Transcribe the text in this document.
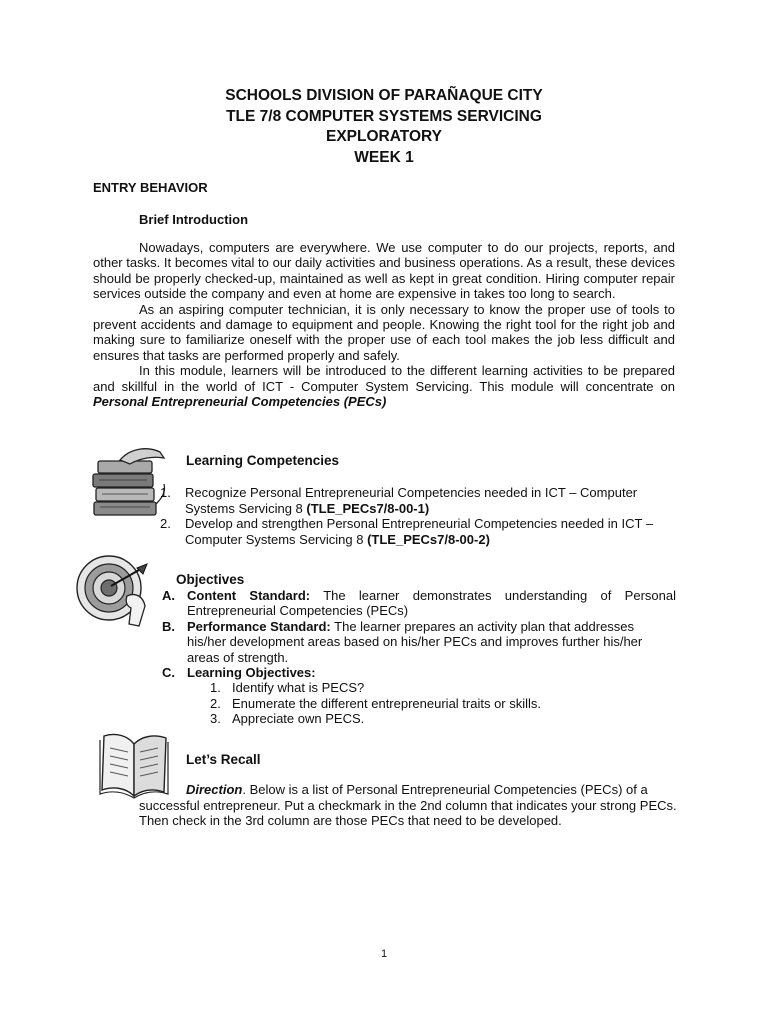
SCHOOLS DIVISION OF PARAÑAQUE CITY
TLE 7/8 COMPUTER SYSTEMS SERVICING
EXPLORATORY
WEEK 1
ENTRY BEHAVIOR
Brief Introduction

Nowadays, computers are everywhere. We use computer to do our projects, reports, and other tasks. It becomes vital to our daily activities and business operations. As a result, these devices should be properly checked-up, maintained as well as kept in great condition. Hiring computer repair services outside the company and even at home are expensive in takes too long to search.

As an aspiring computer technician, it is only necessary to know the proper use of tools to prevent accidents and damage to equipment and people. Knowing the right tool for the right job and making sure to familiarize oneself with the proper use of each tool makes the job less difficult and ensures that tasks are performed properly and safely.

In this module, learners will be introduced to the different learning activities to be prepared and skillful in the world of ICT - Computer System Servicing. This module will concentrate on Personal Entrepreneurial Competencies (PECs)

Learning Competencies
1.	Recognize Personal Entrepreneurial Competencies needed in ICT – Computer Systems Servicing 8 (TLE_PECs7/8-00-1)
2.	Develop and strengthen Personal Entrepreneurial Competencies needed in ICT – Computer Systems Servicing 8 (TLE_PECs7/8-00-2)
Objectives
A. Content Standard: The learner demonstrates understanding of Personal Entrepreneurial Competencies (PECs)
B. Performance Standard: The learner prepares an activity plan that addresses his/her development areas based on his/her PECs and improves further his/her areas of strength.
C. Learning Objectives:
1. Identify what is PECS?
2. Enumerate the different entrepreneurial traits or skills.
3. Appreciate own PECS.
Let’s Recall

Direction. Below is a list of Personal Entrepreneurial Competencies (PECs) of a successful entrepreneur. Put a checkmark in the 2nd column that indicates your strong PECs. Then check in the 3rd column are those PECs that need to be developed.

1
